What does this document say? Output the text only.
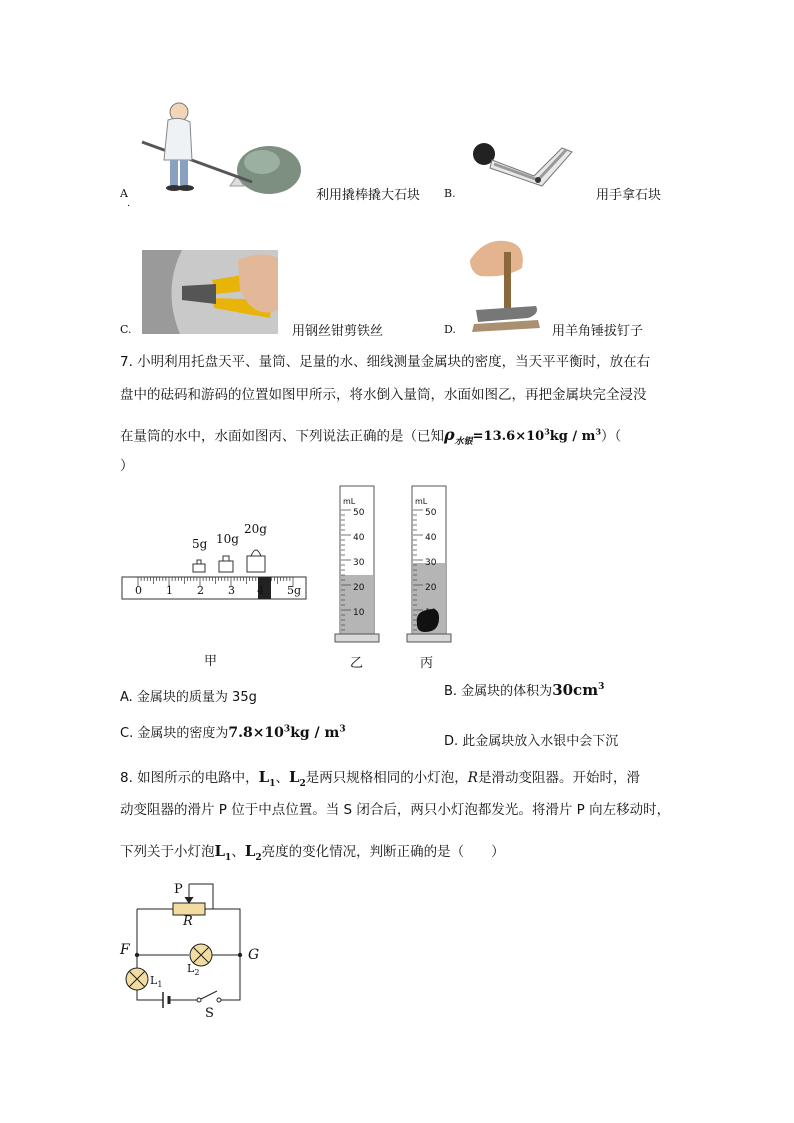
A
.
利用撬棒撬大石块 B.	用手拿石块
C.	用钢丝钳剪铁丝	D.	用羊角锤拔钉子
7. 小明利用托盘天平、量筒、足量的水、细线测量金属块的密度，当天平平衡时，放在右
盘中的砝码和游码的位置如图甲所示，将水倒入量筒，水面如图乙，再把金属块完全浸没
在量筒的水中，水面如图丙、下列说法正确的是（已知$\rho_{水银}=13.6\times 10^3kg / m^3$）（
）
5g 10g
20g
0 1 2 3 4 5g
甲
mL
50
40
30
20
10
乙
mL
50
40
30
20
10
丙
A. 金属块的质量为 35g	B. 金属块的体积为$30cm^3$
C. 金属块的密度为$7.8\times 10^3kg / m^3$
D. 此金属块放入水银中会下沉
8. 如图所示的电路中，$L_1$、$L_2$是两只规格相同的小灯泡，R是滑动变阻器。开始时，滑
动变阻器的滑片 P 位于中点位置。当 S 闭合后，两只小灯泡都发光。将滑片 P 向左移动时，
下列关于小灯泡$L_1$、$L_2$亮度的变化情况，判断正确的是（　　）
P
R
F	G
$L_2$
$L_1$
S
